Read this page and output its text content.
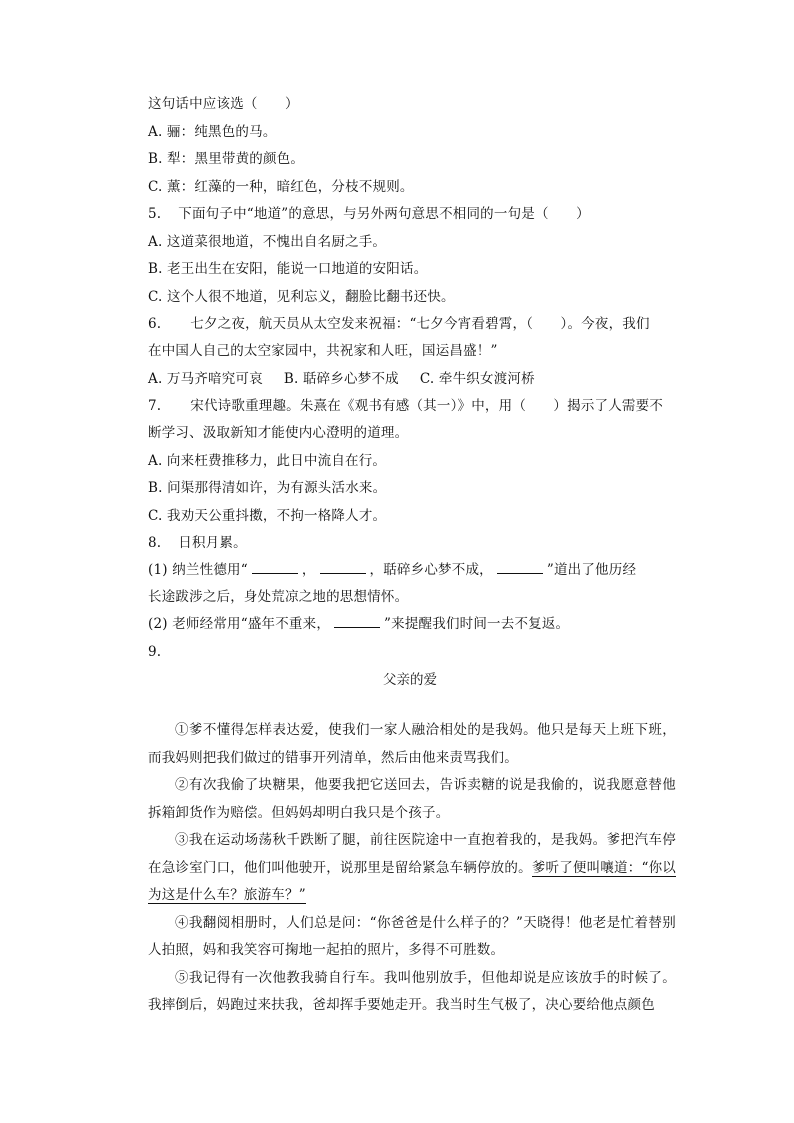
这句话中应该选（　　）
A. 骊：纯黑色的马。
B. 犁：黑里带黄的颜色。
C. 薰：红藻的一种，暗红色，分枝不规则。
5. 下面句子中“地道”的意思，与另外两句意思不相同的一句是（　　）
A. 这道菜很地道，不愧出自名厨之手。
B. 老王出生在安阳，能说一口地道的安阳话。
C. 这个人很不地道，见利忘义，翻脸比翻书还快。
6. 七夕之夜，航天员从太空发来祝福：“七夕今宵看碧霄，（　　）。今夜，我们
在中国人自己的太空家园中，共祝家和人旺，国运昌盛！”
A. 万马齐喑究可哀 B. 聒碎乡心梦不成 C. 牵牛织女渡河桥
7. 宋代诗歌重理趣。朱熹在《观书有感（其一）》中，用（　　）揭示了人需要不
断学习、汲取新知才能使内心澄明的道理。
A. 向来枉费推移力，此日中流自在行。
B. 问渠那得清如许，为有源头活水来。
C. 我劝天公重抖擞，不拘一格降人才。
8. 日积月累。
(1) 纳兰性德用“	，	，聒碎乡心梦不成，	”道出了他历经
长途跋涉之后，身处荒凉之地的思想情怀。
(2) 老师经常用“盛年不重来，	”来提醒我们时间一去不复返。
9.
父亲的爱

①爹不懂得怎样表达爱，使我们一家人融洽相处的是我妈。他只是每天上班下班，而我妈则把我们做过的错事开列清单，然后由他来责骂我们。

②有次我偷了块糖果，他要我把它送回去，告诉卖糖的说是我偷的，说我愿意替他拆箱卸货作为赔偿。但妈妈却明白我只是个孩子。

③我在运动场荡秋千跌断了腿，前往医院途中一直抱着我的，是我妈。爹把汽车停在急诊室门口，他们叫他驶开，说那里是留给紧急车辆停放的。爹听了便叫嚷道：“你以为这是什么车？旅游车？”

④我翻阅相册时，人们总是问：“你爸爸是什么样子的？”天晓得！他老是忙着替别人拍照，妈和我笑容可掬地一起拍的照片，多得不可胜数。

⑤我记得有一次他教我骑自行车。我叫他别放手，但他却说是应该放手的时候了。我摔倒后，妈跑过来扶我，爸却挥手要她走开。我当时生气极了，决心要给他点颜色
